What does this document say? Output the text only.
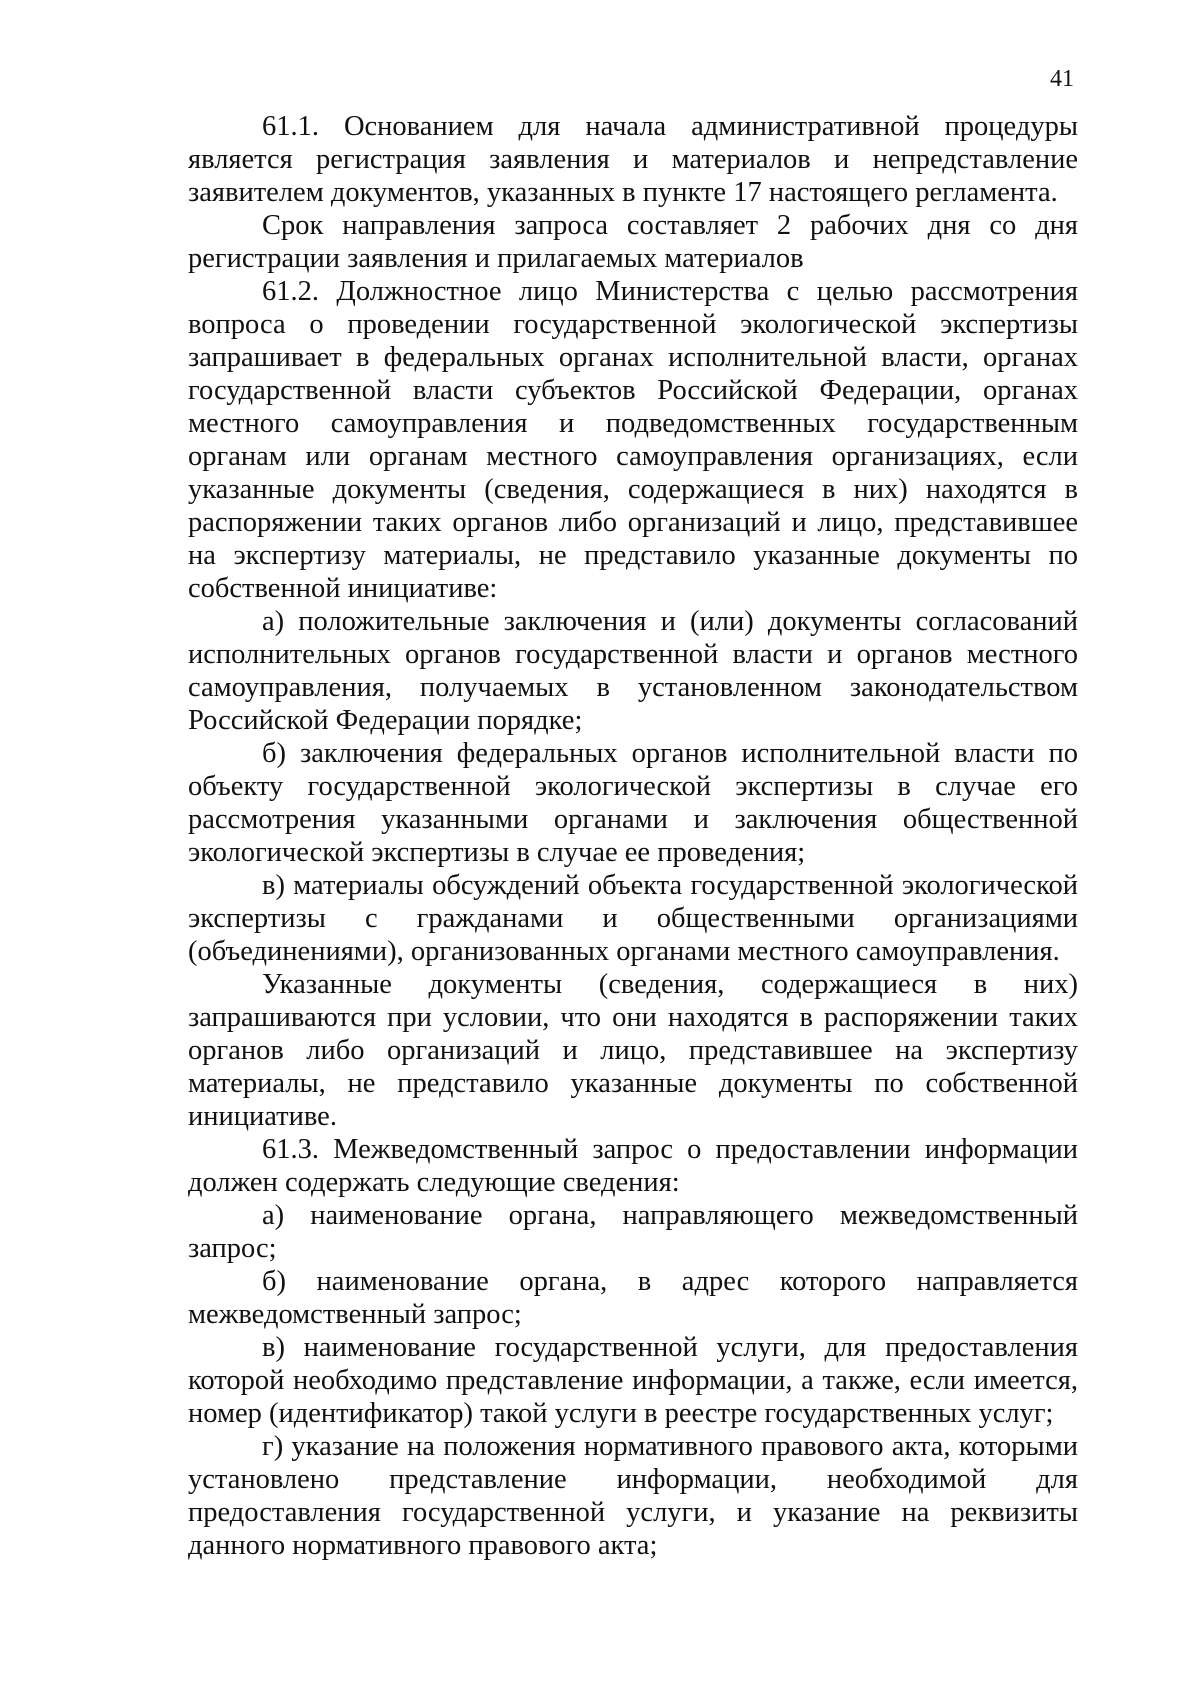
41

61.1. Основанием для начала административной процедуры является регистрация заявления и материалов и непредставление заявителем документов, указанных в пункте 17 настоящего регламента.

Срок направления запроса составляет 2 рабочих дня со дня регистрации заявления и прилагаемых материалов

61.2. Должностное лицо Министерства с целью рассмотрения вопроса о проведении государственной экологической экспертизы запрашивает в федеральных органах исполнительной власти, органах государственной власти субъектов Российской Федерации, органах местного самоуправления и подведомственных государственным органам или органам местного самоуправления организациях, если указанные документы (сведения, содержащиеся в них) находятся в распоряжении таких органов либо организаций и лицо, представившее на экспертизу материалы, не представило указанные документы по собственной инициативе:

а) положительные заключения и (или) документы согласований исполнительных органов государственной власти и органов местного самоуправления, получаемых в установленном законодательством Российской Федерации порядке;

б) заключения федеральных органов исполнительной власти по объекту государственной экологической экспертизы в случае его рассмотрения указанными органами и заключения общественной экологической экспертизы в случае ее проведения;

в) материалы обсуждений объекта государственной экологической экспертизы с гражданами и общественными организациями (объединениями), организованных органами местного самоуправления.

Указанные документы (сведения, содержащиеся в них) запрашиваются при условии, что они находятся в распоряжении таких органов либо организаций и лицо, представившее на экспертизу материалы, не представило указанные документы по собственной инициативе.

61.3. Межведомственный запрос о предоставлении информации должен содержать следующие сведения:

а) наименование органа, направляющего межведомственный запрос;

б) наименование органа, в адрес которого направляется межведомственный запрос;

в) наименование государственной услуги, для предоставления которой необходимо представление информации, а также, если имеется, номер (идентификатор) такой услуги в реестре государственных услуг;

г) указание на положения нормативного правового акта, которыми установлено представление информации, необходимой для предоставления государственной услуги, и указание на реквизиты данного нормативного правового акта;
